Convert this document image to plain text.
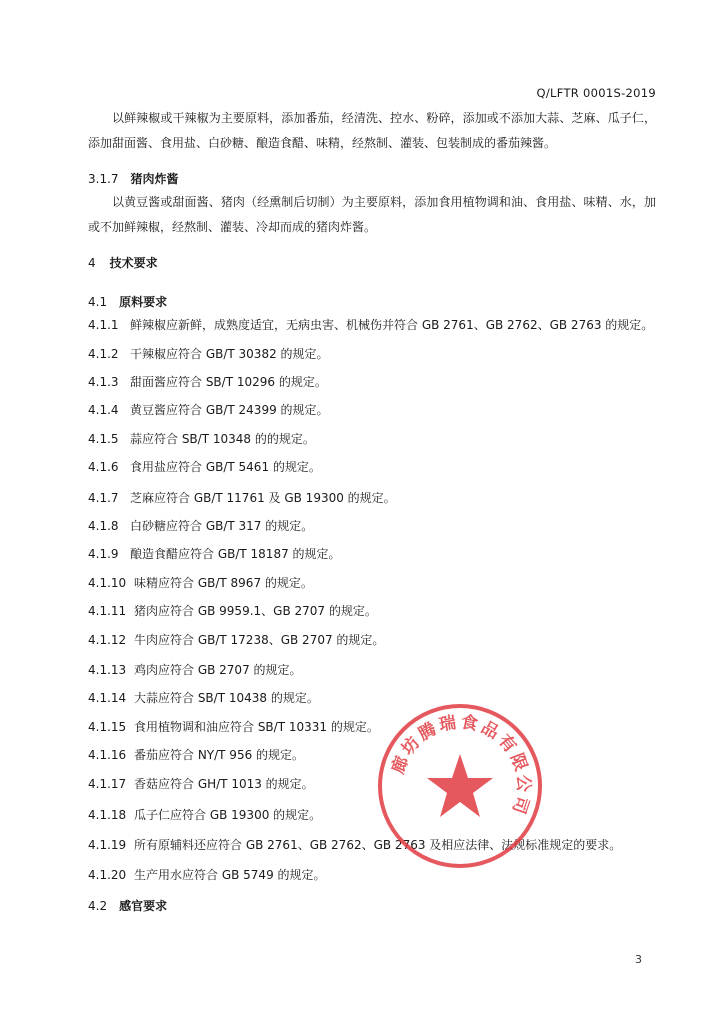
Q/LFTR 0001S-2019

以鲜辣椒或干辣椒为主要原料，添加番茄，经清洗、控水、粉碎，添加或不添加大蒜、芝麻、瓜子仁，添加甜面酱、食用盐、白砂糖、酿造食醋、味精，经熬制、灌装、包装制成的番茄辣酱。

3.1.7 猪肉炸酱

以黄豆酱或甜面酱、猪肉（经熏制后切制）为主要原料，添加食用植物调和油、食用盐、味精、水，加或不加鲜辣椒，经熬制、灌装、冷却而成的猪肉炸酱。

4 技术要求
4.1 原料要求
4.1.1 鲜辣椒应新鲜，成熟度适宜，无病虫害、机械伤并符合 GB 2761、GB 2762、GB 2763 的规定。
4.1.2 干辣椒应符合 GB/T 30382 的规定。
4.1.3 甜面酱应符合 SB/T 10296 的规定。
4.1.4 黄豆酱应符合 GB/T 24399 的规定。
4.1.5 蒜应符合 SB/T 10348 的的规定。
4.1.6 食用盐应符合 GB/T 5461 的规定。
4.1.7 芝麻应符合 GB/T 11761 及 GB 19300 的规定。
4.1.8 白砂糖应符合 GB/T 317 的规定。
4.1.9 酿造食醋应符合 GB/T 18187 的规定。
4.1.10 味精应符合 GB/T 8967 的规定。
4.1.11 猪肉应符合 GB 9959.1、GB 2707 的规定。
4.1.12 牛肉应符合 GB/T 17238、GB 2707 的规定。
4.1.13 鸡肉应符合 GB 2707 的规定。
4.1.14 大蒜应符合 SB/T 10438 的规定。
4.1.15 食用植物调和油应符合 SB/T 10331 的规定。
4.1.16 番茄应符合 NY/T 956 的规定。
4.1.17 香菇应符合 GH/T 1013 的规定。
4.1.18 瓜子仁应符合 GB 19300 的规定。
4.1.19 所有原辅料还应符合 GB 2761、GB 2762、GB 2763 及相应法律、法规标准规定的要求。
4.1.20 生产用水应符合 GB 5749 的规定。
4.2 感官要求
3
廊坊腾瑞食品有限公司
